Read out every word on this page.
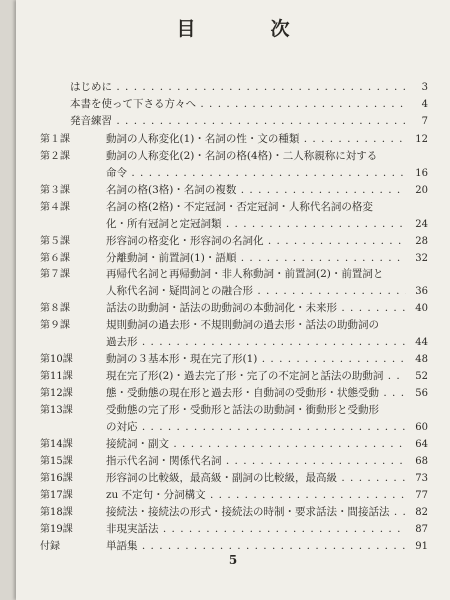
目　次
はじめに . . .	3
本書を使って下さる方々へ . . .	4
発音練習 . . .	7
第１課	動詞の人称変化(1)・名詞の性・文の種類 . . .	12
第２課	動詞の人称変化(2)・名詞の格(4格)・二人称親称に対する
命令 . . .	16
第３課	名詞の格(3格)・名詞の複数 . . .	20
第４課	名詞の格(2格)・不定冠詞・否定冠詞・人称代名詞の格変
化・所有冠詞と定冠詞類 . . .	24
第５課	形容詞の格変化・形容詞の名詞化 . . .	28
第６課	分離動詞・前置詞(1)・語順 . . .	32
第７課	再帰代名詞と再帰動詞・非人称動詞・前置詞(2)・前置詞と
人称代名詞・疑問詞との融合形 . . .	36
第８課	話法の助動詞・話法の助動詞の本動詞化・未来形 . . .	40
第９課	規則動詞の過去形・不規則動詞の過去形・話法の助動詞の
過去形 . . .	44
第10課	動詞の３基本形・現在完了形(1) . . .	48
第11課	現在完了形(2)・過去完了形・完了の不定詞と話法の助動詞 . . .	52
第12課	態・受動態の現在形と過去形・自動詞の受動形・状態受動 . . .	56
第13課	受動態の完了形・受動形と話法の助動詞・衝動形と受動形
の対応 . . .	60
第14課	接続詞・副文 . . .	64
第15課	指示代名詞・関係代名詞 . . .	68
第16課	形容詞の比較級，最高級・副詞の比較級，最高級 . . .	73
第17課	zu 不定句・分詞構文 . . .	77
第18課	接続法・接続法の形式・接続法の時制・要求話法・間接話法 . . .	82
第19課	非現実話法 . . .	87
付録	単語集 . . .	91
5
